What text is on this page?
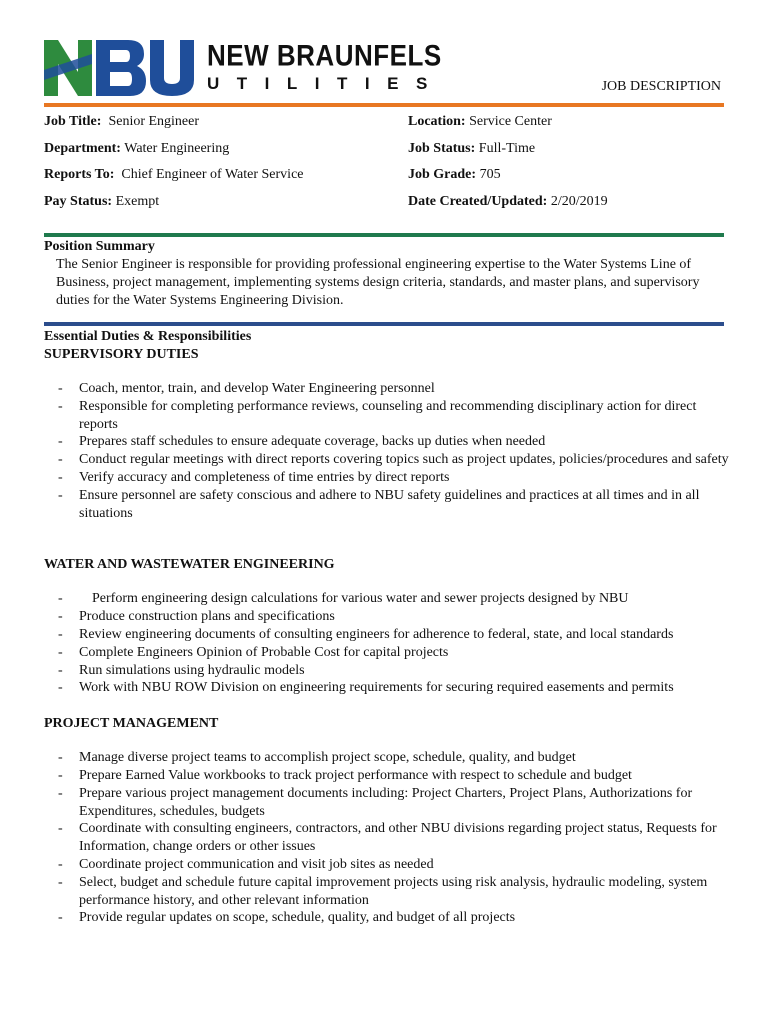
NEW BRAUNFELS
UTILITIES	JOB DESCRIPTION
Job Title: Senior Engineer	Location: Service Center
Department: Water Engineering	Job Status: Full-Time
Reports To: Chief Engineer of Water Service	Job Grade: 705
Pay Status: Exempt	Date Created/Updated: 2/20/2019
Position Summary

The Senior Engineer is responsible for providing professional engineering expertise to the Water Systems Line of Business, project management, implementing systems design criteria, standards, and master plans, and supervisory duties for the Water Systems Engineering Division.

Essential Duties & Responsibilities
SUPERVISORY DUTIES
- Coach, mentor, train, and develop Water Engineering personnel
- Responsible for completing performance reviews, counseling and recommending disciplinary action for direct reports
- Prepares staff schedules to ensure adequate coverage, backs up duties when needed
- Conduct regular meetings with direct reports covering topics such as project updates, policies/procedures and safety
- Verify accuracy and completeness of time entries by direct reports
- Ensure personnel are safety conscious and adhere to NBU safety guidelines and practices at all times and in all situations
WATER AND WASTEWATER ENGINEERING
- Perform engineering design calculations for various water and sewer projects designed by NBU
- Produce construction plans and specifications
- Review engineering documents of consulting engineers for adherence to federal, state, and local standards
- Complete Engineers Opinion of Probable Cost for capital projects
- Run simulations using hydraulic models
- Work with NBU ROW Division on engineering requirements for securing required easements and permits
PROJECT MANAGEMENT
- Manage diverse project teams to accomplish project scope, schedule, quality, and budget
- Prepare Earned Value workbooks to track project performance with respect to schedule and budget
- Prepare various project management documents including: Project Charters, Project Plans, Authorizations for Expenditures, schedules, budgets
- Coordinate with consulting engineers, contractors, and other NBU divisions regarding project status, Requests for Information, change orders or other issues
- Coordinate project communication and visit job sites as needed
- Select, budget and schedule future capital improvement projects using risk analysis, hydraulic modeling, system performance history, and other relevant information
- Provide regular updates on scope, schedule, quality, and budget of all projects
